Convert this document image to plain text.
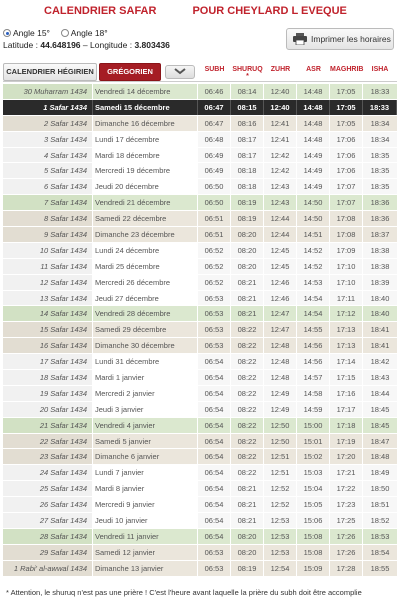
CALENDRIER SAFAR	POUR CHEYLARD L EVEQUE
Angle 15° Angle 18°
Latitude : 44.648196 – Longitude : 3.803436
Imprimer les horaires
CALENDRIER HÉGIRIEN	GRÉGORIEN	SUBH	SHURUQ *
ZUHR	ASR	MAGHRIB	ISHA
30 Muharram 1434	Vendredi 14 décembre	06:46	08:14	12:40	14:48	17:05	18:33
1 Safar 1434	Samedi 15 décembre	06:47	08:15	12:40	14:48	17:05	18:33
2 Safar 1434	Dimanche 16 décembre	06:47	08:16	12:41	14:48	17:05	18:34
3 Safar 1434	Lundi 17 décembre	06:48	08:17	12:41	14:48	17:06	18:34
4 Safar 1434	Mardi 18 décembre	06:49	08:17	12:42	14:49	17:06	18:35
5 Safar 1434	Mercredi 19 décembre	06:49	08:18	12:42	14:49	17:06	18:35
6 Safar 1434	Jeudi 20 décembre	06:50	08:18	12:43	14:49	17:07	18:35
7 Safar 1434	Vendredi 21 décembre	06:50	08:19	12:43	14:50	17:07	18:36
8 Safar 1434	Samedi 22 décembre	06:51	08:19	12:44	14:50	17:08	18:36
9 Safar 1434	Dimanche 23 décembre	06:51	08:20	12:44	14:51	17:08	18:37
10 Safar 1434	Lundi 24 décembre	06:52	08:20	12:45	14:52	17:09	18:38
11 Safar 1434	Mardi 25 décembre	06:52	08:20	12:45	14:52	17:10	18:38
12 Safar 1434	Mercredi 26 décembre	06:52	08:21	12:46	14:53	17:10	18:39
13 Safar 1434	Jeudi 27 décembre	06:53	08:21	12:46	14:54	17:11	18:40
14 Safar 1434	Vendredi 28 décembre	06:53	08:21	12:47	14:54	17:12	18:40
15 Safar 1434	Samedi 29 décembre	06:53	08:22	12:47	14:55	17:13	18:41
16 Safar 1434	Dimanche 30 décembre	06:53	08:22	12:48	14:56	17:13	18:41
17 Safar 1434	Lundi 31 décembre	06:54	08:22	12:48	14:56	17:14	18:42
18 Safar 1434	Mardi 1 janvier	06:54	08:22	12:48	14:57	17:15	18:43
19 Safar 1434	Mercredi 2 janvier	06:54	08:22	12:49	14:58	17:16	18:44
20 Safar 1434	Jeudi 3 janvier	06:54	08:22	12:49	14:59	17:17	18:45
21 Safar 1434	Vendredi 4 janvier	06:54	08:22	12:50	15:00	17:18	18:45
22 Safar 1434	Samedi 5 janvier	06:54	08:22	12:50	15:01	17:19	18:47
23 Safar 1434	Dimanche 6 janvier	06:54	08:22	12:51	15:02	17:20	18:48
24 Safar 1434	Lundi 7 janvier	06:54	08:22	12:51	15:03	17:21	18:49
25 Safar 1434	Mardi 8 janvier	06:54	08:21	12:52	15:04	17:22	18:50
26 Safar 1434	Mercredi 9 janvier	06:54	08:21	12:52	15:05	17:23	18:51
27 Safar 1434	Jeudi 10 janvier	06:54	08:21	12:53	15:06	17:25	18:52
28 Safar 1434	Vendredi 11 janvier	06:54	08:20	12:53	15:08	17:26	18:53
29 Safar 1434	Samedi 12 janvier	06:53	08:20	12:53	15:08	17:26	18:54
1 Rabi' al-awwal 1434	Dimanche 13 janvier	06:53	08:19	12:54	15:09	17:28	18:55
* Attention, le shuruq n'est pas une prière ! C'est l'heure avant laquelle la prière du subh doit être accomplie
